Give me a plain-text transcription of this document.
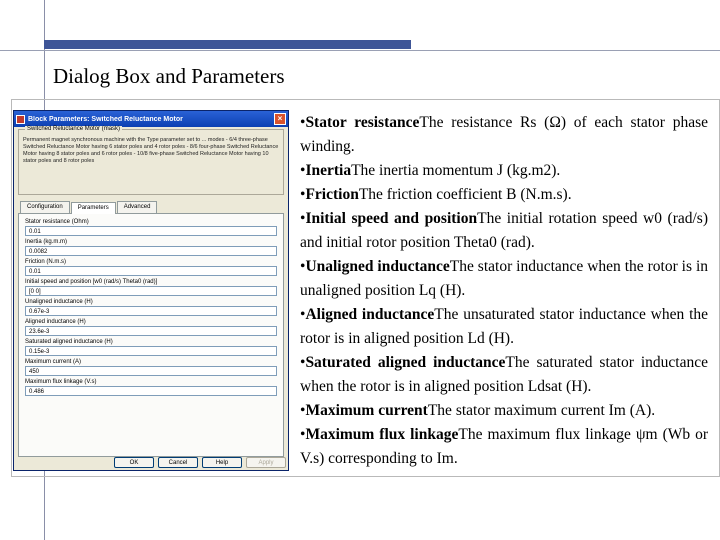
Dialog Box and Parameters
Block Parameters: Switched Reluctance Motor	×
Switched Reluctance Motor (mask)
Permanent magnet synchronous machine with the Type parameter set to ... modes - 6/4 three-phase Switched Reluctance Motor having 6 stator poles and 4 rotor poles - 8/6 four-phase Switched Reluctance Motor having 8 stator poles and 6 rotor poles - 10/8 five-phase Switched Reluctance Motor having 10 stator poles and 8 rotor poles
Configuration	Parameters	Advanced
Stator resistance (Ohm)
0.01
Inertia (kg.m.m)
0.0082
Friction (N.m.s)
0.01
Initial speed and position [w0 (rad/s) Theta0 (rad)]
[0 0]
Unaligned inductance (H)
0.67e-3
Aligned inductance (H)
23.6e-3
Saturated aligned inductance (H)
0.15e-3
Maximum current (A)
450
Maximum flux linkage (V.s)
0.486
OK	Cancel	Help	Apply
•Stator resistanceThe resistance Rs (Ω) of each stator phase winding.
•InertiaThe inertia momentum J (kg.m2).
•FrictionThe friction coefficient B (N.m.s).
•Initial speed and positionThe initial rotation speed w0 (rad/s) and initial rotor position Theta0 (rad).
•Unaligned inductanceThe stator inductance when the rotor is in unaligned position Lq (H).
•Aligned inductanceThe unsaturated stator inductance when the rotor is in aligned position Ld (H).
•Saturated aligned inductanceThe saturated stator inductance when the rotor is in aligned position Ldsat (H).
•Maximum currentThe stator maximum current Im (A).
•Maximum flux linkageThe maximum flux linkage ψm (Wb or V.s) corresponding to Im.
